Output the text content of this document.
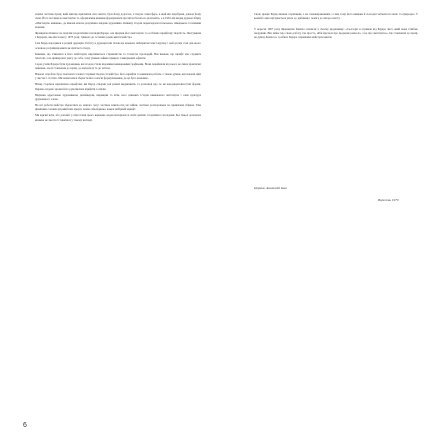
значна частина праці, якій митець присвятив своє життя, була йому дорогою, а творча атмосфера, в якій він перебував, давала йому сили. Його погляди на мистецтво та оформлення книжки формувалися протягом багатьох десятиліть, а в 1961 він видав друком збірку «Мистецтво книжки», де виклав власне розуміння завдань художника. Книжку згодом перекладали польською, німецькою та іншими мовами.
Франциско Кампос не поділяв теоретичних поглядів Бауера, але цінував його мистецтво та особливо шрифтову творчість. Листування з Бауером, яке він почав у 1973 році, тривало до останніх років життя майстра.
Сам Бауер народився в родині друкарів. Роботу в друкарні він почав ще юнаком, набираючи текст вручну, і цей досвід став для нього основою розуміння книги як цілісного твору.
Книжки, що з'явилися в його майстерні, вирізняються стриманістю та точністю пропорцій. Він вважав, що шрифт має служити текстові, а не привертати увагу до себе, тому уникав зайвих прикрас і вишуканих ефектів.
Серед учнів Бауера були художники, які згодом стали відомими книжковими графіками. Вони переймали від нього не лише практичні навички, але й ставлення до праці, до матеріалу та до читача.
Нашою спробою було показати головні сторінки творчості майстра, його шрифти та книжкові роботи, а також думки, висловлені ним у листах і статтях. Ми намагалися зберегти його власні формулювання, де це було можливо.
Низку сторінок присвячено шрифтам, які Бауер створив для різних видавництв, та розповіді про те, як народжувалися їхні форми. Окремо подано зразки його рукописних шрифтів і ескізів.
Видання адресоване художникам, дизайнерам, видавцям та всім, кого цікавить історія книжкового мистецтва і сама культура друкованого слова.
Не всі роботи майстра збереглися до нашого часу: частина зникла під час війни, частина розпорошена по приватних збірках. Тим ціннішим є кожен відомий нам аркуш, кожна обкладинка, кожен набірний шрифт.
Ми вдячні всім, хто допоміг у підготовці цього видання, надав матеріали зі своїх архівів і поділився спогадами. Без їхньої допомоги книжка не змогла б з'явитися у такому вигляді.
Свою працю Бауер вважав служінням, а не самовираженням, і саме тому його книжки й сьогодні читаються легко та природно. У кожній з них відчувається увага до дрібниць і повага до автора тексту.
У вересні 1967 року Франциско Кампос написав у своєму щоденнику: «Сьогодні я отримав від Бауера лист, який мене глибоко зворушив. Він пише про свою роботу так просто, ніби йдеться про щоденне ремесло, а не про мистецтво». Це ставлення до праці, на думку Кампоса, і робило Бауера справжнім майстром книги.
Церник, Анатолій Іван
Вересень 1970
6
